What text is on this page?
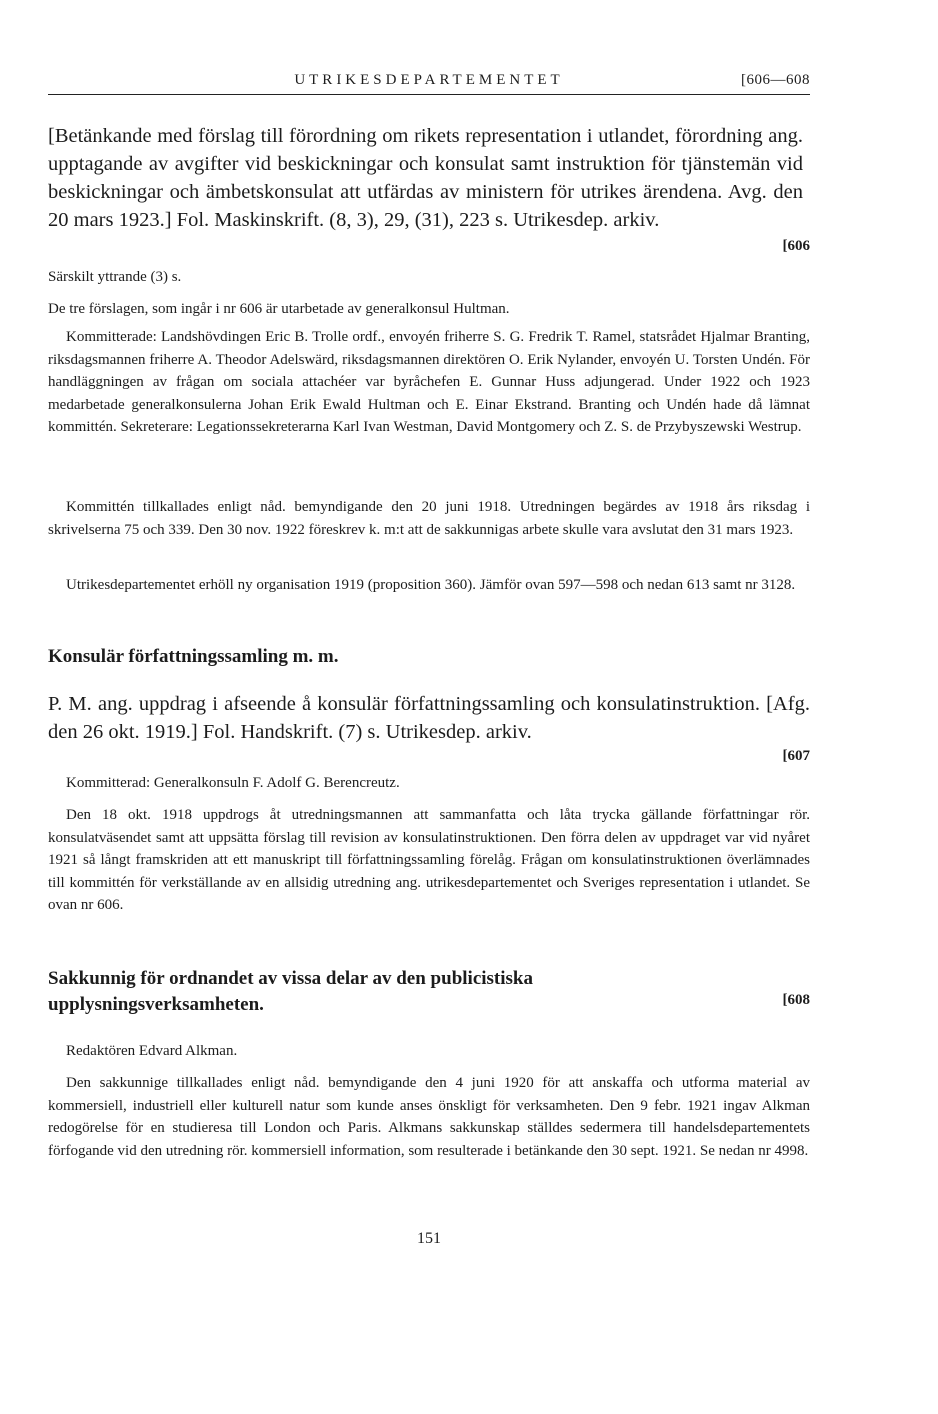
UTRIKESDEPARTEMENTET	[606—608

[Betänkande med förslag till förordning om rikets representation i utlandet, förordning ang. upptagande av avgifter vid beskickningar och konsulat samt instruktion för tjänstemän vid beskickningar och ämbetskonsulat att utfärdas av ministern för utrikes ärendena. Avg. den 20 mars 1923.] Fol. Maskinskrift. (8, 3), 29, (31), 223 s. Utrikesdep. arkiv.

[606

Särskilt yttrande (3) s.

De tre förslagen, som ingår i nr 606 är utarbetade av generalkonsul Hultman.

Kommitterade: Landshövdingen Eric B. Trolle ordf., envoyén friherre S. G. Fredrik T. Ramel, statsrådet Hjalmar Branting, riksdagsmannen friherre A. Theodor Adelswärd, riksdagsmannen direktören O. Erik Nylander, envoyén U. Torsten Undén. För handläggningen av frågan om sociala attachéer var byråchefen E. Gunnar Huss adjungerad. Under 1922 och 1923 medarbetade generalkonsulerna Johan Erik Ewald Hultman och E. Einar Ekstrand. Branting och Undén hade då lämnat kommittén. Sekreterare: Legationssekreterarna Karl Ivan Westman, David Montgomery och Z. S. de Przybyszewski Westrup.

Kommittén tillkallades enligt nåd. bemyndigande den 20 juni 1918. Utredningen begärdes av 1918 års riksdag i skrivelserna 75 och 339. Den 30 nov. 1922 föreskrev k. m:t att de sakkunnigas arbete skulle vara avslutat den 31 mars 1923.

Utrikesdepartementet erhöll ny organisation 1919 (proposition 360). Jämför ovan 597—598 och nedan 613 samt nr 3128.

Konsulär författningssamling m. m.

P. M. ang. uppdrag i afseende å konsulär författningssamling och konsulatinstruktion. [Afg. den 26 okt. 1919.] Fol. Handskrift. (7) s. Utrikesdep. arkiv.

[607

Kommitterad: Generalkonsuln F. Adolf G. Berencreutz.

Den 18 okt. 1918 uppdrogs åt utredningsmannen att sammanfatta och låta trycka gällande författningar rör. konsulatväsendet samt att uppsätta förslag till revision av konsulatinstruktionen. Den förra delen av uppdraget var vid nyåret 1921 så långt framskriden att ett manuskript till författningssamling förelåg. Frågan om konsulatinstruktionen överlämnades till kommittén för verkställande av en allsidig utredning ang. utrikesdepartementet och Sveriges representation i utlandet. Se ovan nr 606.

Sakkunnig för ordnandet av vissa delar av den publicistiska upplysningsverksamheten.	[608

Redaktören Edvard Alkman.

Den sakkunnige tillkallades enligt nåd. bemyndigande den 4 juni 1920 för att anskaffa och utforma material av kommersiell, industriell eller kulturell natur som kunde anses önskligt för verksamheten. Den 9 febr. 1921 ingav Alkman redogörelse för en studieresa till London och Paris. Alkmans sakkunskap ställdes sedermera till handelsdepartementets förfogande vid den utredning rör. kommersiell information, som resulterade i betänkande den 30 sept. 1921. Se nedan nr 4998.

151
